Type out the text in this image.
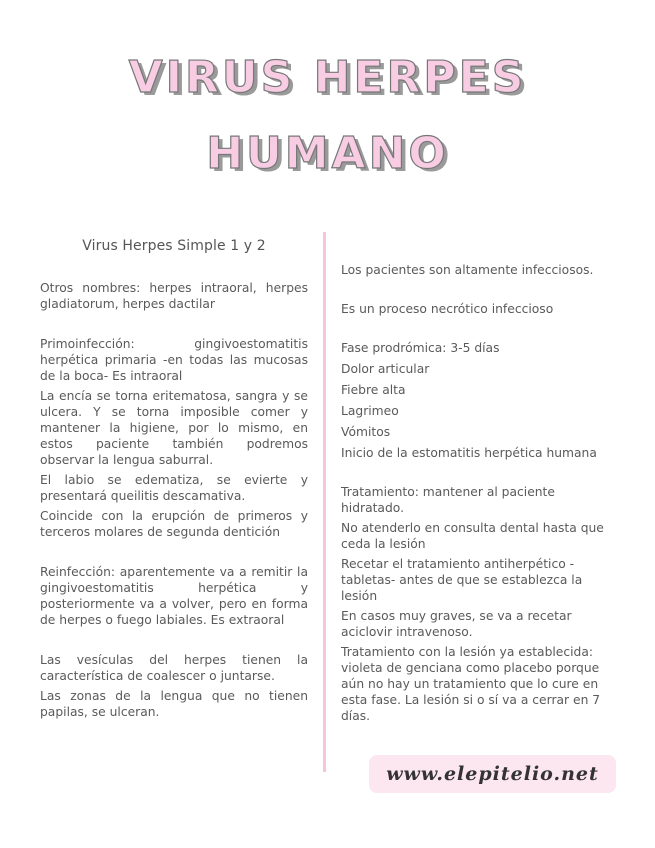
VIRUS HERPES
HUMANO

Virus Herpes Simple 1 y 2

Otros nombres: herpes intraoral, herpes gladiatorum, herpes dactilar

Primoinfección: gingivoestomatitis herpética primaria -en todas las mucosas de la boca- Es intraoral

La encía se torna eritematosa, sangra y se ulcera. Y se torna imposible comer y mantener la higiene, por lo mismo, en estos paciente también podremos observar la lengua saburral.

El labio se edematiza, se evierte y presentará queilitis descamativa.

Coincide con la erupción de primeros y terceros molares de segunda dentición

Reinfección: aparentemente va a remitir la gingivoestomatitis herpética y posteriormente va a volver, pero en forma de herpes o fuego labiales. Es extraoral

Las vesículas del herpes tienen la característica de coalescer o juntarse.

Las zonas de la lengua que no tienen papilas, se ulceran.

Los pacientes son altamente infecciosos.

Es un proceso necrótico infeccioso

Fase prodrómica: 3-5 días

Dolor articular

Fiebre alta

Lagrimeo

Vómitos

Inicio de la estomatitis herpética humana

Tratamiento: mantener al paciente hidratado.

No atenderlo en consulta dental hasta que ceda la lesión

Recetar el tratamiento antiherpético -tabletas- antes de que se establezca la lesión

En casos muy graves, se va a recetar aciclovir intravenoso.

Tratamiento con la lesión ya establecida: violeta de genciana como placebo porque aún no hay un tratamiento que lo cure en esta fase. La lesión si o sí va a cerrar en 7 días.

www.elepitelio.net
